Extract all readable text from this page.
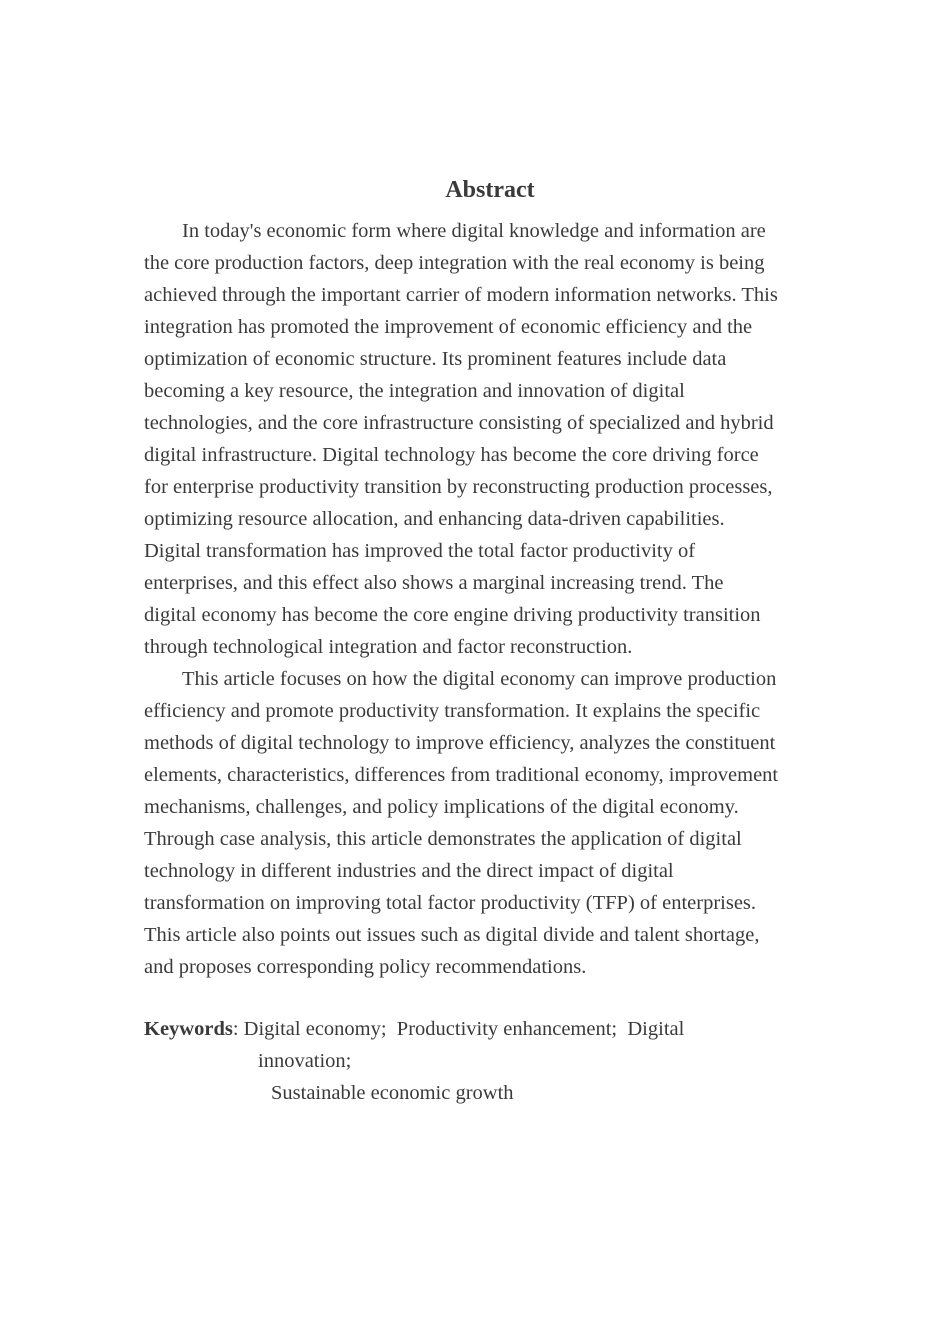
Abstract

In today's economic form where digital knowledge and information are
the core production factors, deep integration with the real economy is being
achieved through the important carrier of modern information networks. This
integration has promoted the improvement of economic efficiency and the
optimization of economic structure. Its prominent features include data
becoming a key resource, the integration and innovation of digital
technologies, and the core infrastructure consisting of specialized and hybrid
digital infrastructure. Digital technology has become the core driving force
for enterprise productivity transition by reconstructing production processes,
optimizing resource allocation, and enhancing data-driven capabilities.
Digital transformation has improved the total factor productivity of
enterprises, and this effect also shows a marginal increasing trend. The
digital economy has become the core engine driving productivity transition
through technological integration and factor reconstruction.

This article focuses on how the digital economy can improve production
efficiency and promote productivity transformation. It explains the specific
methods of digital technology to improve efficiency, analyzes the constituent
elements, characteristics, differences from traditional economy, improvement
mechanisms, challenges, and policy implications of the digital economy.
Through case analysis, this article demonstrates the application of digital
technology in different industries and the direct impact of digital
transformation on improving total factor productivity (TFP) of enterprises.
This article also points out issues such as digital divide and talent shortage,
and proposes corresponding policy recommendations.

Keywords: Digital economy;  Productivity enhancement;  Digital
innovation;
Sustainable economic growth
